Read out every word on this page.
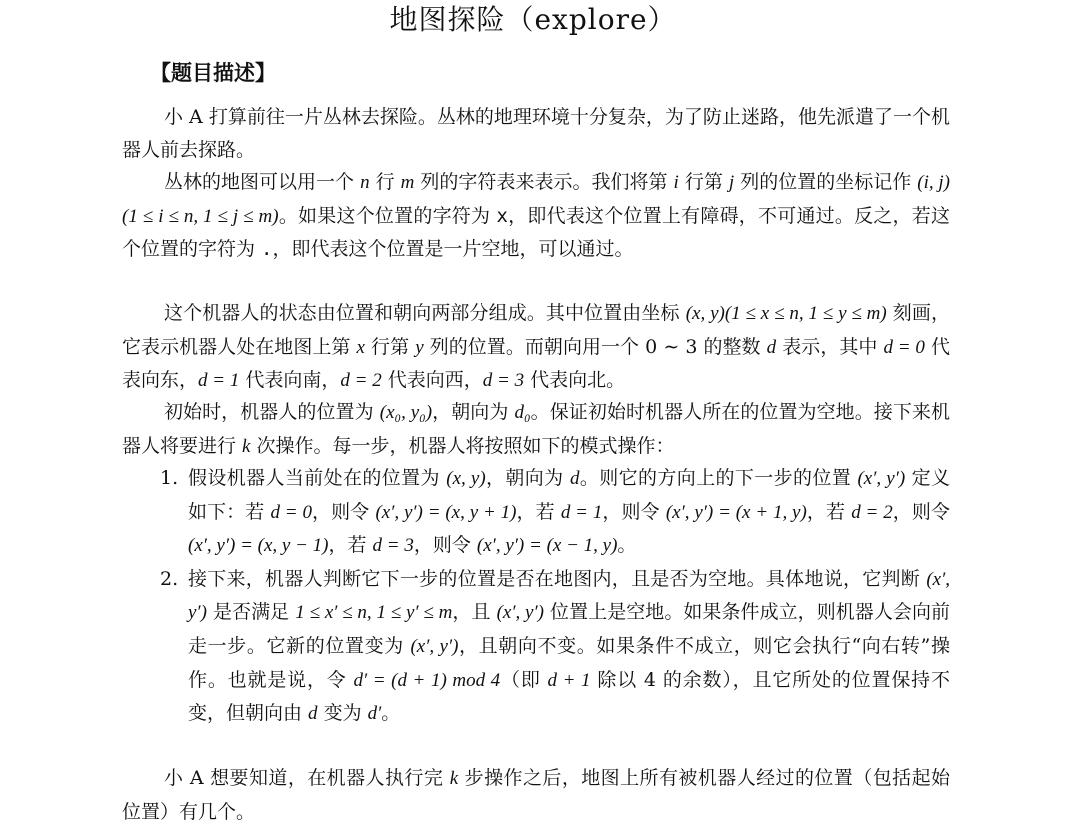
地图探险（explore）
【题目描述】

小 A 打算前往一片丛林去探险。丛林的地理环境十分复杂，为了防止迷路，他先派遣了一个机器人前去探路。

丛林的地图可以用一个 n 行 m 列的字符表来表示。我们将第 i 行第 j 列的位置的坐标记作 (i, j)(1 ≤ i ≤ n, 1 ≤ j ≤ m)。如果这个位置的字符为 x，即代表这个位置上有障碍，不可通过。反之，若这个位置的字符为 .，即代表这个位置是一片空地，可以通过。

这个机器人的状态由位置和朝向两部分组成。其中位置由坐标 (x, y)(1 ≤ x ≤ n, 1 ≤ y ≤ m) 刻画，它表示机器人处在地图上第 x 行第 y 列的位置。而朝向用一个 0 ∼ 3 的整数 d 表示，其中 d = 0 代表向东，d = 1 代表向南，d = 2 代表向西，d = 3 代表向北。

初始时，机器人的位置为 (x₀, y₀)，朝向为 d₀。保证初始时机器人所在的位置为空地。接下来机器人将要进行 k 次操作。每一步，机器人将按照如下的模式操作：

1. 假设机器人当前处在的位置为 (x, y)，朝向为 d。则它的方向上的下一步的位置 (x′, y′) 定义如下：若 d = 0，则令 (x′, y′) = (x, y + 1)，若 d = 1，则令 (x′, y′) = (x + 1, y)，若 d = 2，则令 (x′, y′) = (x, y − 1)，若 d = 3，则令 (x′, y′) = (x − 1, y)。
2. 接下来，机器人判断它下一步的位置是否在地图内，且是否为空地。具体地说，它判断 (x′, y′) 是否满足 1 ≤ x′ ≤ n, 1 ≤ y′ ≤ m，且 (x′, y′) 位置上是空地。如果条件成立，则机器人会向前走一步。它新的位置变为 (x′, y′)，且朝向不变。如果条件不成立，则它会执行“向右转”操作。也就是说，令 d′ = (d + 1) mod 4（即 d + 1 除以 4 的余数），且它所处的位置保持不变，但朝向由 d 变为 d′。

小 A 想要知道，在机器人执行完 k 步操作之后，地图上所有被机器人经过的位置（包括起始位置）有几个。
